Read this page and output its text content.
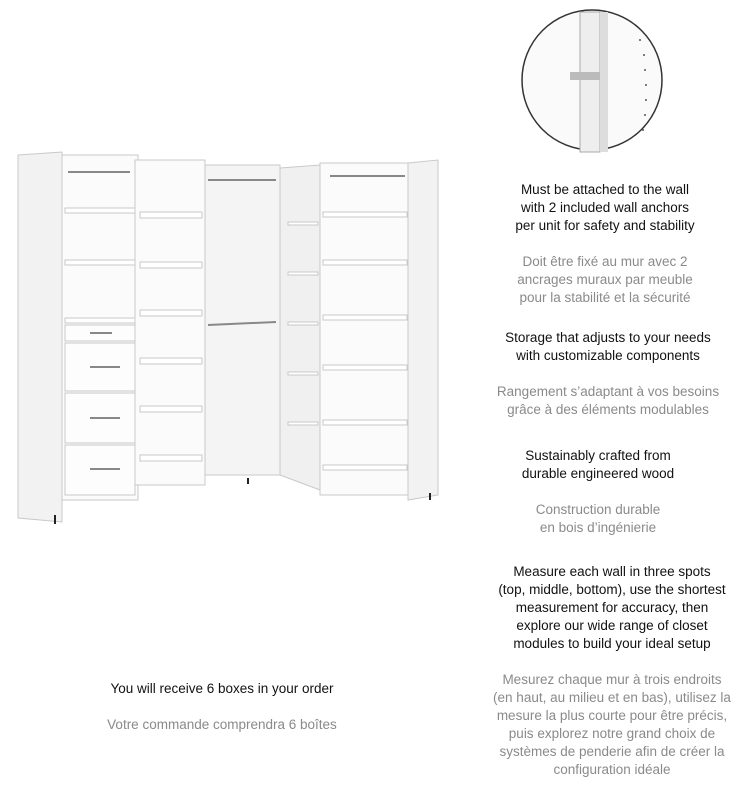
Must be attached to the wall
with 2 included wall anchors
per unit for safety and stability

Doit être fixé au mur avec 2
ancrages muraux par meuble
pour la stabilité et la sécurité

Storage that adjusts to your needs
with customizable components

Rangement s’adaptant à vos besoins
grâce à des éléments modulables

Sustainably crafted from
durable engineered wood

Construction durable
en bois d’ingénierie

Measure each wall in three spots
(top, middle, bottom), use the shortest
measurement for accuracy, then
explore our wide range of closet
modules to build your ideal setup

Mesurez chaque mur à trois endroits
(en haut, au milieu et en bas), utilisez la
mesure la plus courte pour être précis,
puis explorez notre grand choix de
systèmes de penderie afin de créer la
configuration idéale

You will receive 6 boxes in your order

Votre commande comprendra 6 boîtes
